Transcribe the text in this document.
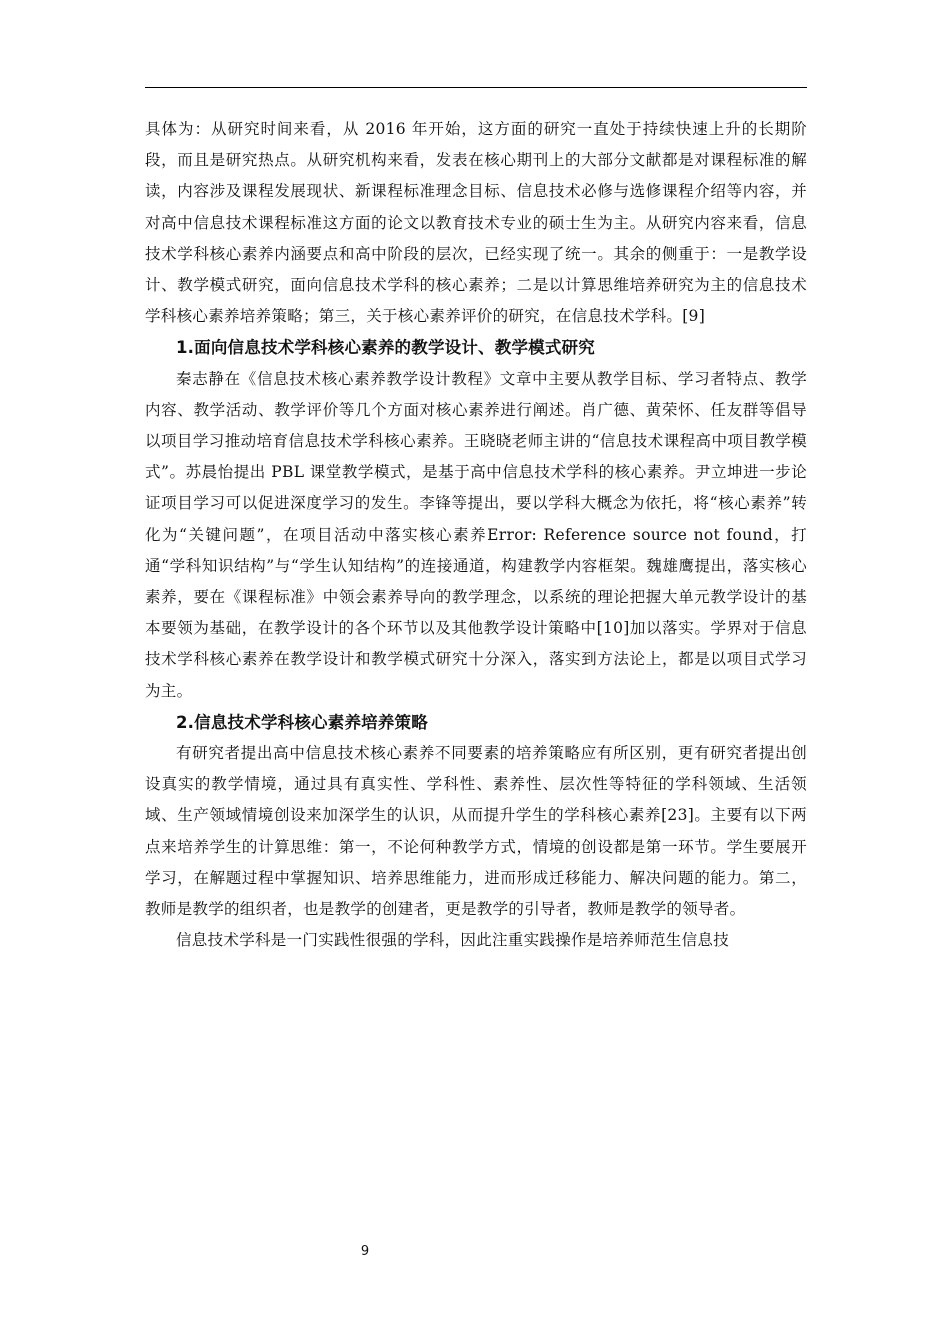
具体为：从研究时间来看，从 2016 年开始，这方面的研究一直处于持续快速上升的长期阶段，而且是研究热点。从研究机构来看，发表在核心期刊上的大部分文献都是对课程标准的解读，内容涉及课程发展现状、新课程标准理念目标、信息技术必修与选修课程介绍等内容，并对高中信息技术课程标准这方面的论文以教育技术专业的硕士生为主。从研究内容来看，信息技术学科核心素养内涵要点和高中阶段的层次，已经实现了统一。其余的侧重于：一是教学设计、教学模式研究，面向信息技术学科的核心素养；二是以计算思维培养研究为主的信息技术学科核心素养培养策略；第三，关于核心素养评价的研究，在信息技术学科。[9]

1.面向信息技术学科核心素养的教学设计、教学模式研究

秦志静在《信息技术核心素养教学设计教程》文章中主要从教学目标、学习者特点、教学内容、教学活动、教学评价等几个方面对核心素养进行阐述。肖广德、黄荣怀、任友群等倡导以项目学习推动培育信息技术学科核心素养。王晓晓老师主讲的“信息技术课程高中项目教学模式”。苏晨怡提出 PBL 课堂教学模式，是基于高中信息技术学科的核心素养。尹立坤进一步论证项目学习可以促进深度学习的发生。李锋等提出，要以学科大概念为依托，将“核心素养”转化为“关键问题”，在项目活动中落实核心素养Error: Reference source not found，打通“学科知识结构”与“学生认知结构”的连接通道，构建教学内容框架。魏雄鹰提出，落实核心素养，要在《课程标准》中领会素养导向的教学理念，以系统的理论把握大单元教学设计的基本要领为基础，在教学设计的各个环节以及其他教学设计策略中[10]加以落实。学界对于信息技术学科核心素养在教学设计和教学模式研究十分深入，落实到方法论上，都是以项目式学习为主。

2.信息技术学科核心素养培养策略

有研究者提出高中信息技术核心素养不同要素的培养策略应有所区别，更有研究者提出创设真实的教学情境，通过具有真实性、学科性、素养性、层次性等特征的学科领域、生活领域、生产领域情境创设来加深学生的认识，从而提升学生的学科核心素养[23]。主要有以下两点来培养学生的计算思维：第一，不论何种教学方式，情境的创设都是第一环节。学生要展开学习，在解题过程中掌握知识、培养思维能力，进而形成迁移能力、解决问题的能力。第二，教师是教学的组织者，也是教学的创建者，更是教学的引导者，教师是教学的领导者。

信息技术学科是一门实践性很强的学科，因此注重实践操作是培养师范生信息技

9
